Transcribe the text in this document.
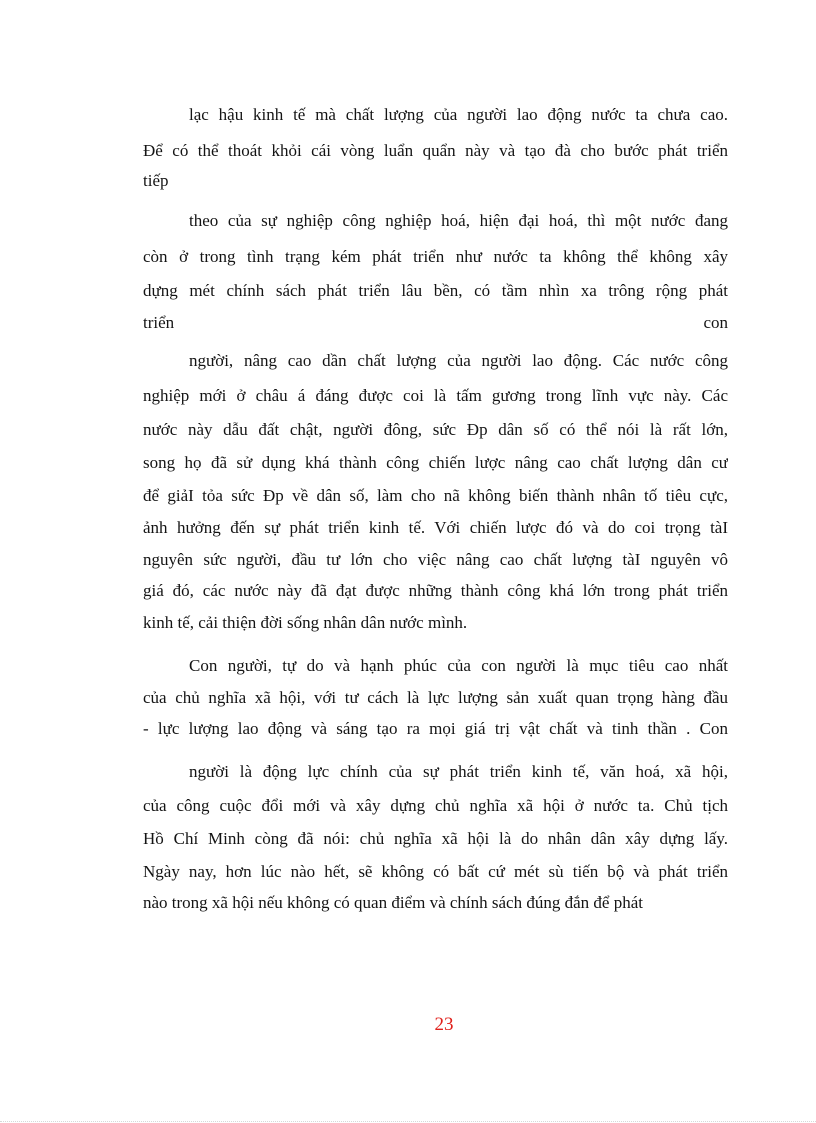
lạc hậu kinh tế mà chất lượng của người lao động nước ta chưa cao.
Để có thể thoát khỏi cái vòng luẩn quẩn này và tạo đà cho bước phát triển
tiếp
theo của sự nghiệp công nghiệp hoá, hiện đại hoá, thì một nước đang
còn ở trong tình trạng kém phát triển như nước ta không thể không xây
dựng mét chính sách phát triển lâu bền, có tầm nhìn xa trông rộng phát
triển	con
người, nâng cao dần chất lượng của người lao động. Các nước công
nghiệp mới ở châu á đáng được coi là tấm gương trong lĩnh vực này. Các
nước này dẫu đất chật, người đông, sức Ðp dân số có thể nói là rất lớn,
song họ đã sử dụng khá thành công chiến lược nâng cao chất lượng dân cư
để giảI tỏa sức Ðp về dân số, làm cho nã không biến thành nhân tố tiêu cực,
ảnh hưởng đến sự phát triển kinh tế. Với chiến lược đó và do coi trọng tàI
nguyên sức người, đầu tư lớn cho việc nâng cao chất lượng tàI nguyên vô
giá đó, các nước này đã đạt được những thành công khá lớn trong phát triển
kinh tế, cải thiện đời sống nhân dân nước mình.
Con người, tự do và hạnh phúc của con người là mục tiêu cao nhất
của chủ nghĩa xã hội, với tư cách là lực lượng sản xuất quan trọng hàng đầu
- lực lượng lao động và sáng tạo ra mọi giá trị vật chất và tinh thần . Con
người là động lực chính của sự phát triển kinh tế, văn hoá, xã hội,
của công cuộc đổi mới và xây dựng chủ nghĩa xã hội ở nước ta. Chủ tịch
Hồ Chí Minh còng đã nói: chủ nghĩa xã hội là do nhân dân xây dựng lấy.
Ngày nay, hơn lúc nào hết, sẽ không có bất cứ mét sù tiến bộ và phát triển
nào trong xã hội nếu không có quan điểm và chính sách đúng đắn để phát
23
